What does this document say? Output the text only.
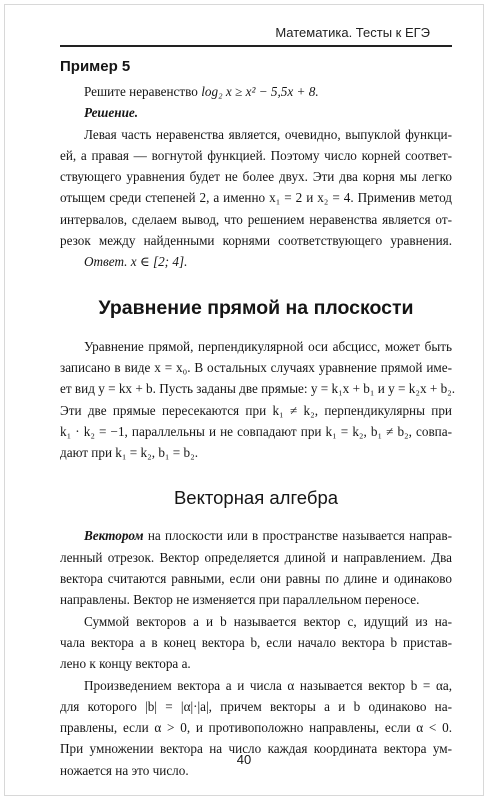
Математика. Тесты к ЕГЭ
Пример 5
Решите неравенство log₂ x ≥ x² − 5,5x + 8.
Решение.
Левая часть неравенства является, очевидно, выпуклой функци-
ей, а правая — вогнутой функцией. Поэтому число корней соответ-
ствующего уравнения будет не более двух. Эти два корня мы легко
отыщем среди степеней 2, а именно x₁ = 2 и x₂ = 4. Применив метод
интервалов, сделаем вывод, что решением неравенства является от-
резок между найденными корнями соответствующего уравнения.
Ответ. x ∈ [2; 4].
Уравнение прямой на плоскости
Уравнение прямой, перпендикулярной оси абсцисс, может быть
записано в виде x = x₀. В остальных случаях уравнение прямой име-
ет вид y = kx + b. Пусть заданы две прямые: y = k₁x + b₁ и y = k₂x + b₂.
Эти две прямые пересекаются при k₁ ≠ k₂, перпендикулярны при
k₁ · k₂ = −1, параллельны и не совпадают при k₁ = k₂, b₁ ≠ b₂, совпа-
дают при k₁ = k₂, b₁ = b₂.
Векторная алгебра
Вектором на плоскости или в пространстве называется направ-
ленный отрезок. Вектор определяется длиной и направлением. Два
вектора считаются равными, если они равны по длине и одинаково
направлены. Вектор не изменяется при параллельном переносе.
Суммой векторов a и b называется вектор c, идущий из на-
чала вектора a в конец вектора b, если начало вектора b пристав-
лено к концу вектора a.
Произведением вектора a и числа α называется вектор b = αa,
для которого |b| = |α|·|a|, причем векторы a и b одинаково на-
правлены, если α > 0, и противоположно направлены, если α < 0.
При умножении вектора на число каждая координата вектора ум-
ножается на это число.
40
